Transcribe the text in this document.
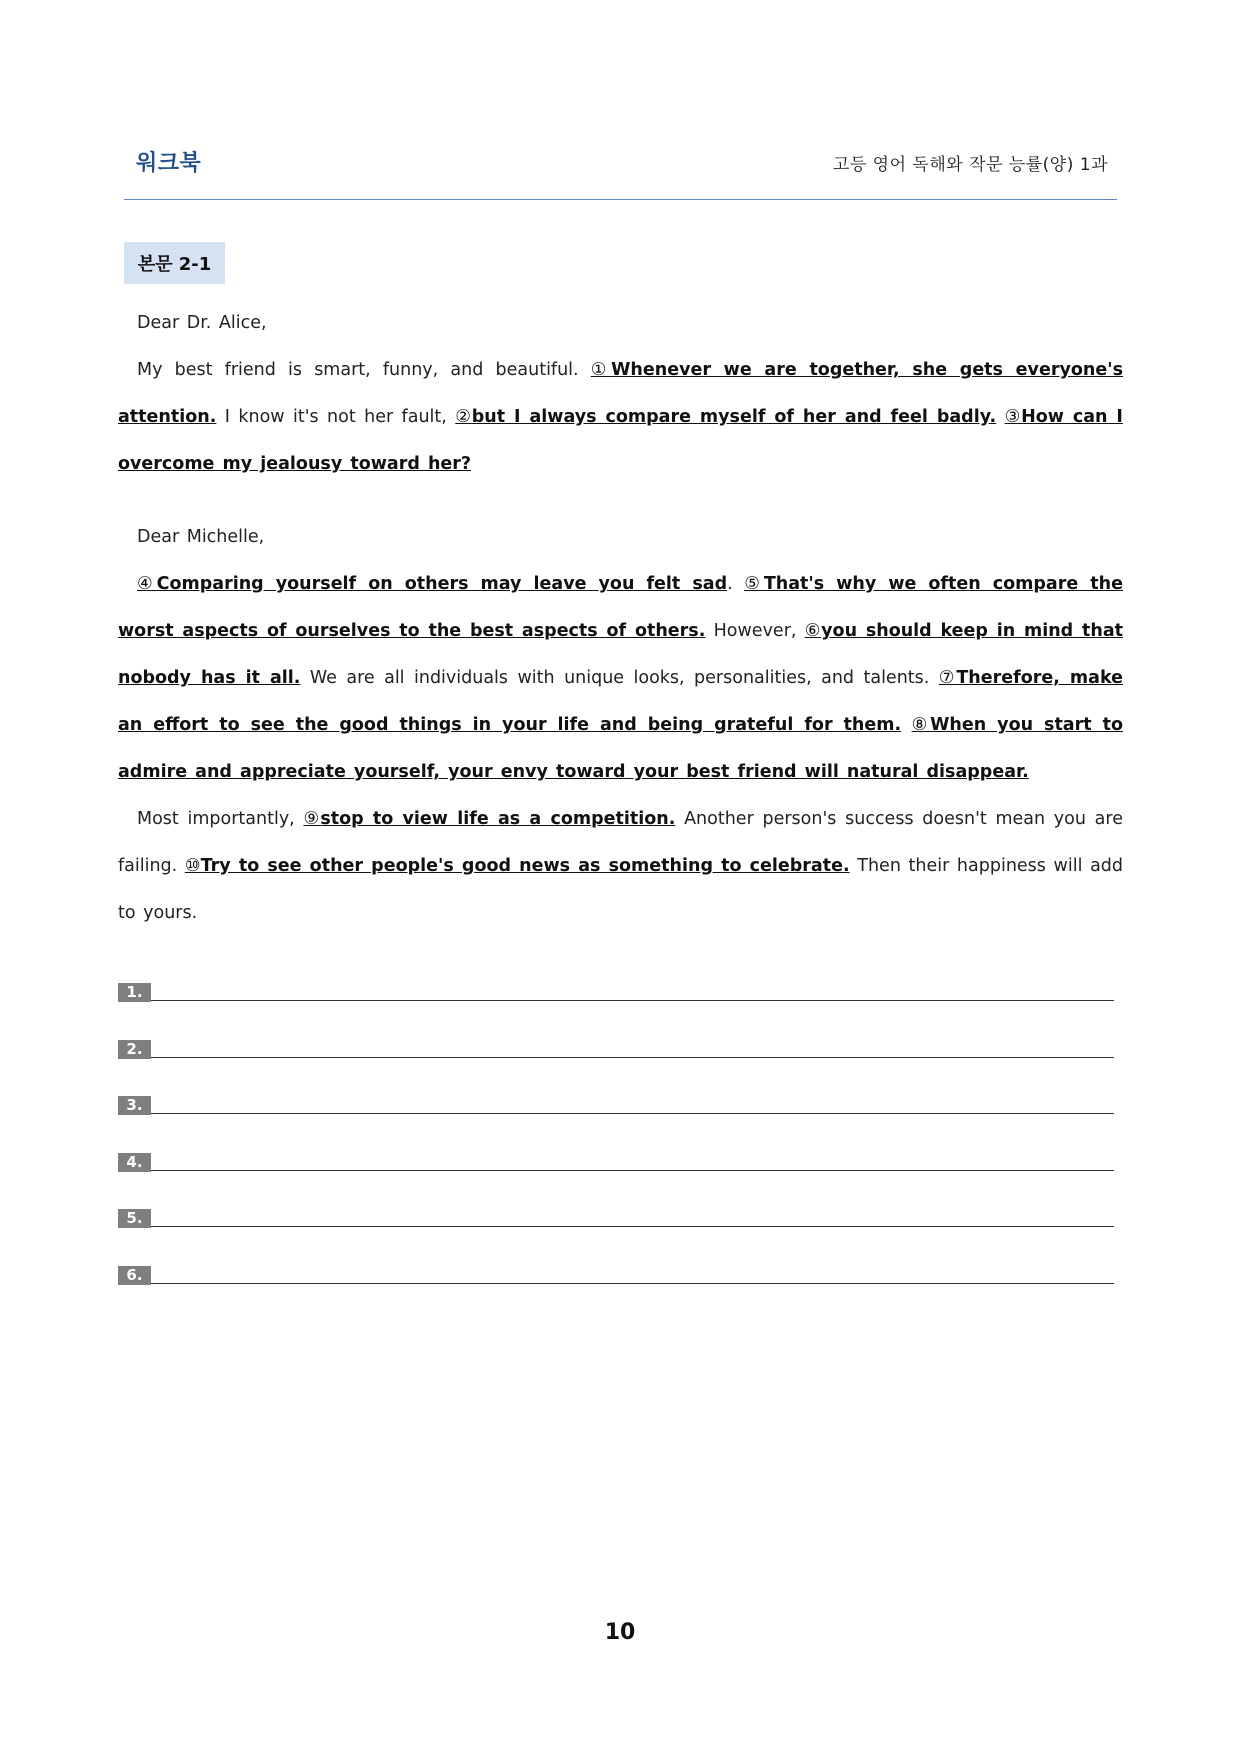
워크북	고등 영어 독해와 작문 능률(양) 1과
본문 2-1

Dear Dr. Alice,

My best friend is smart, funny, and beautiful. ①Whenever we are together, she gets everyone's attention. I know it's not her fault, ②but I always compare myself of her and feel badly. ③How can I overcome my jealousy toward her?

Dear Michelle,

④Comparing yourself on others may leave you felt sad. ⑤That's why we often compare the worst aspects of ourselves to the best aspects of others. However, ⑥you should keep in mind that nobody has it all. We are all individuals with unique looks, personalities, and talents. ⑦Therefore, make an effort to see the good things in your life and being grateful for them. ⑧When you start to admire and appreciate yourself, your envy toward your best friend will natural disappear.

Most importantly, ⑨stop to view life as a competition. Another person's success doesn't mean you are failing. ⑩Try to see other people's good news as something to celebrate. Then their happiness will add to yours.

1.
2.
3.
4.
5.
6.
10
